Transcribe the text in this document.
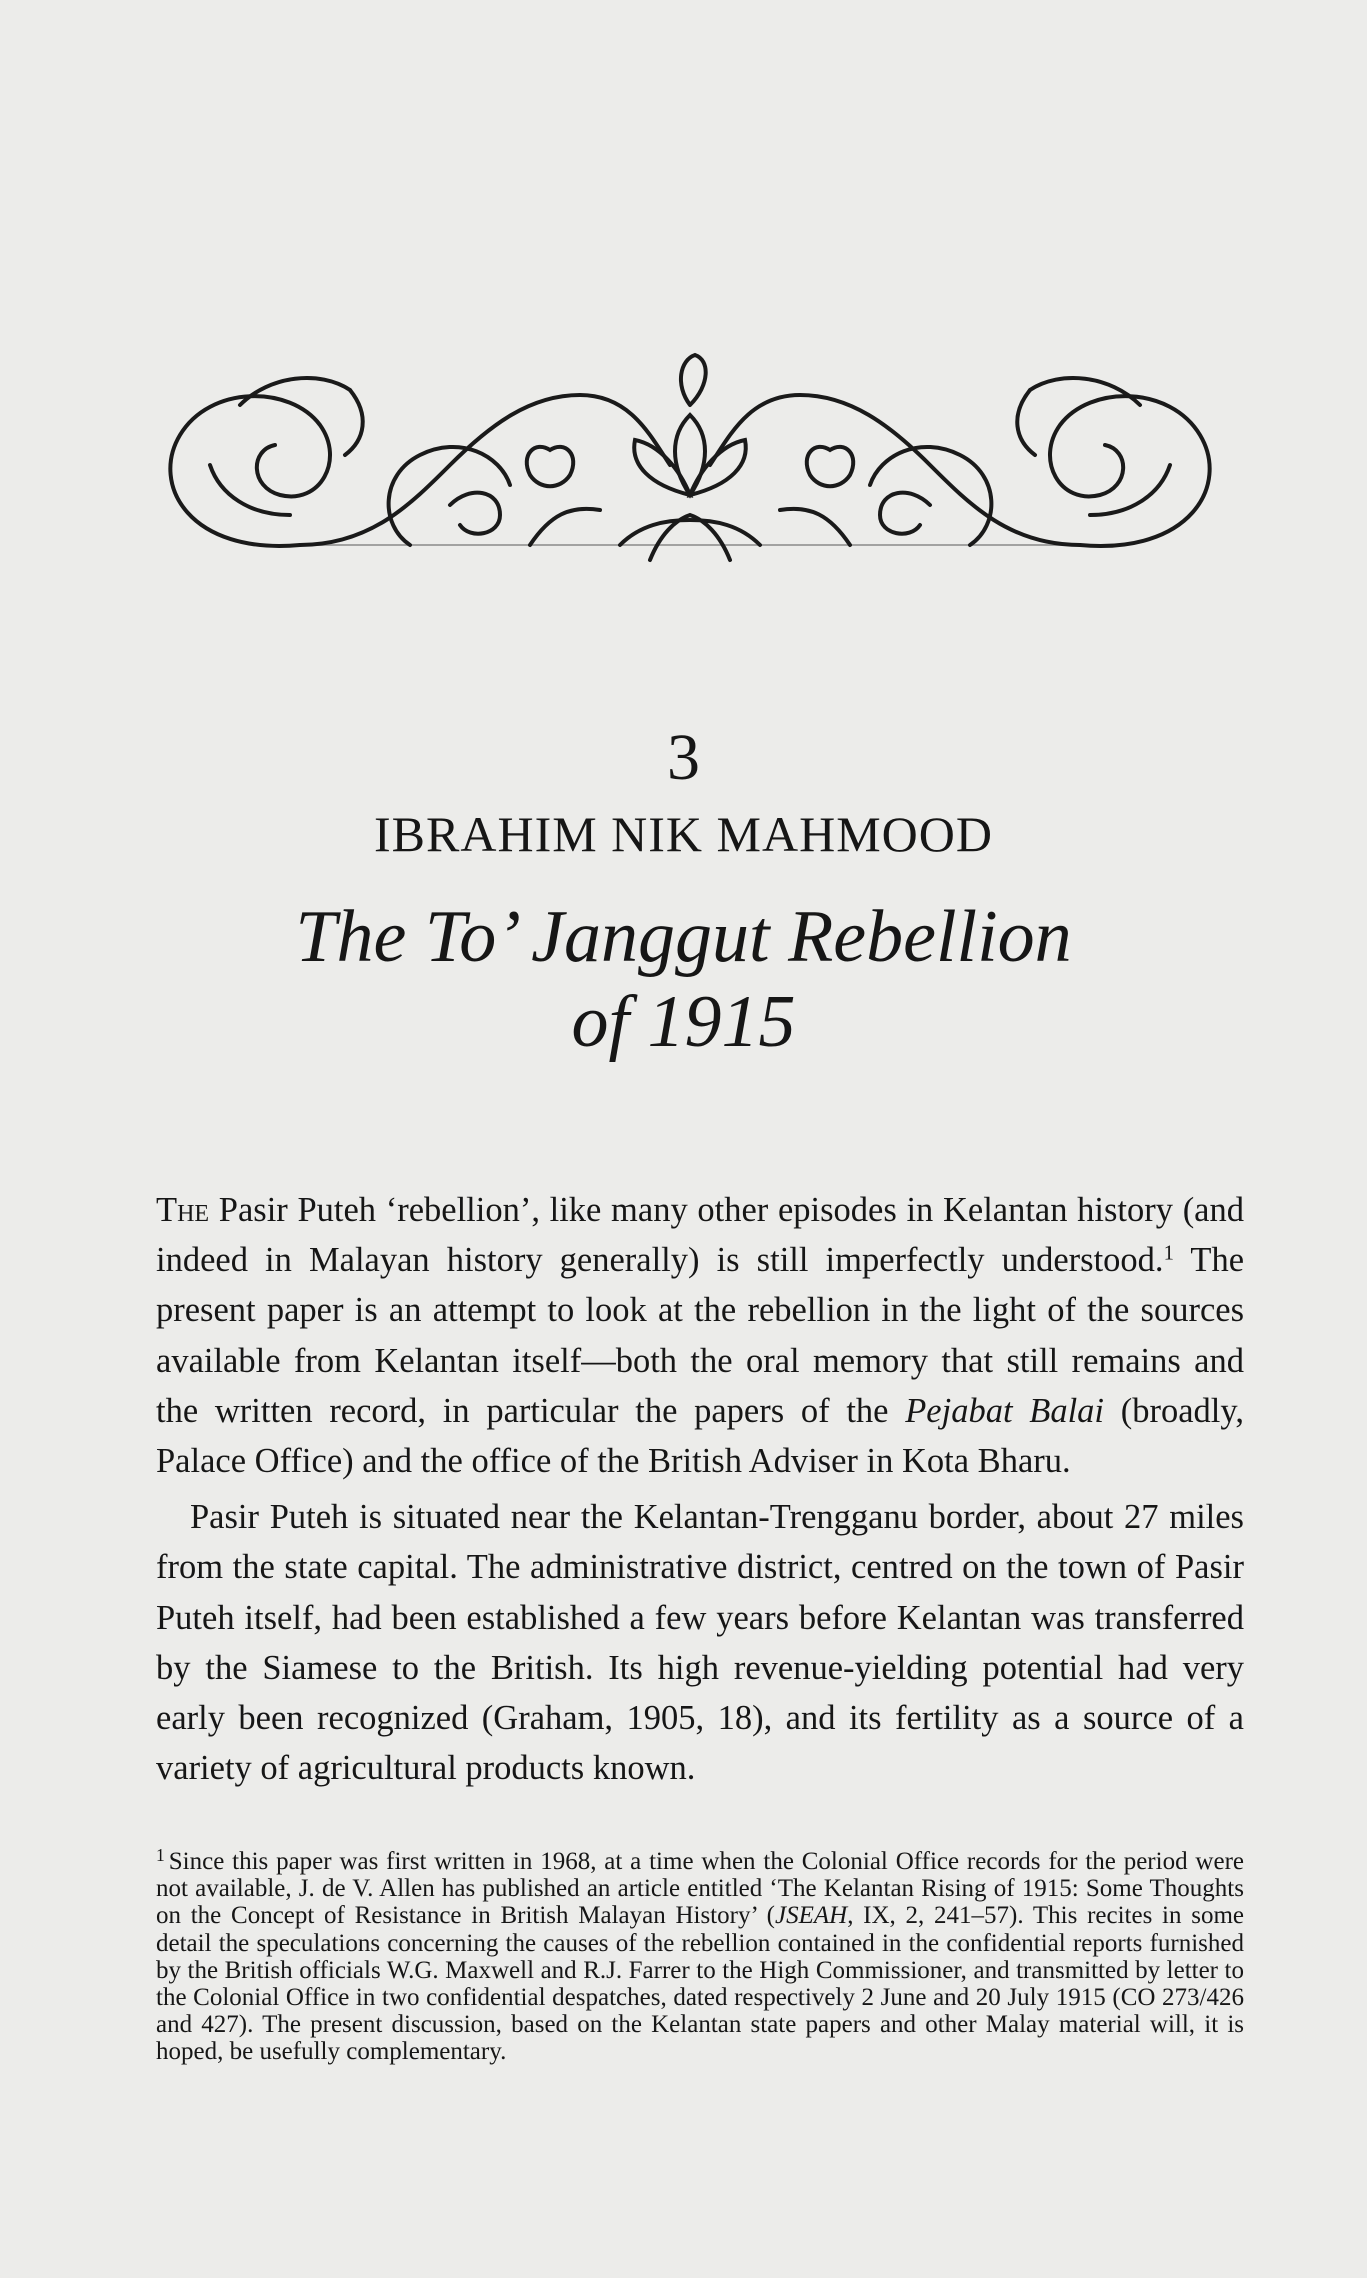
3
IBRAHIM NIK MAHMOOD
The To’ Janggut Rebellion
of 1915

The Pasir Puteh ‘rebellion’, like many other episodes in Kelantan history (and indeed in Malayan history generally) is still imperfectly understood.$^1$ The present paper is an attempt to look at the rebellion in the light of the sources available from Kelantan itself—both the oral memory that still remains and the written record, in particular the papers of the Pejabat Balai (broadly, Palace Office) and the office of the British Adviser in Kota Bharu.

Pasir Puteh is situated near the Kelantan-Trengganu border, about 27 miles from the state capital. The administrative district, centred on the town of Pasir Puteh itself, had been established a few years before Kelantan was transferred by the Siamese to the British. Its high revenue-yielding potential had very early been recognized (Graham, 1905, 18), and its fertility as a source of a variety of agricultural products known.

$^1$ Since this paper was first written in 1968, at a time when the Colonial Office records for the period were not available, J. de V. Allen has published an article entitled ‘The Kelantan Rising of 1915: Some Thoughts on the Concept of Resistance in British Malayan History’ (JSEAH, IX, 2, 241–57). This recites in some detail the speculations concerning the causes of the rebellion contained in the confidential reports furnished by the British officials W.G. Maxwell and R.J. Farrer to the High Commissioner, and transmitted by letter to the Colonial Office in two confidential despatches, dated respectively 2 June and 20 July 1915 (CO 273/426 and 427). The present discussion, based on the Kelantan state papers and other Malay material will, it is hoped, be usefully complementary.
